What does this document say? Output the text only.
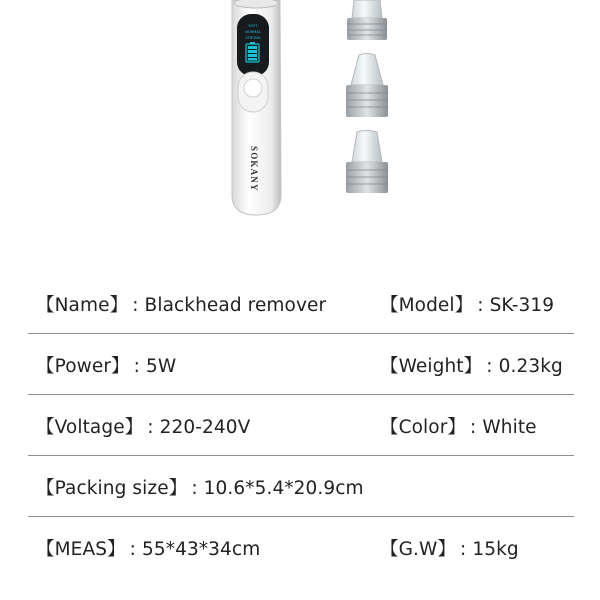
SOFT
NORMAL
STRONG
SOKANY
【Name】 : Blackhead remover	【Model】 : SK-319
【Power】 : 5W	【Weight】 : 0.23kg
【Voltage】 : 220-240V	【Color】 : White
【Packing size】 : 10.6*5.4*20.9cm
【MEAS】 : 55*43*34cm	【G.W】 : 15kg
